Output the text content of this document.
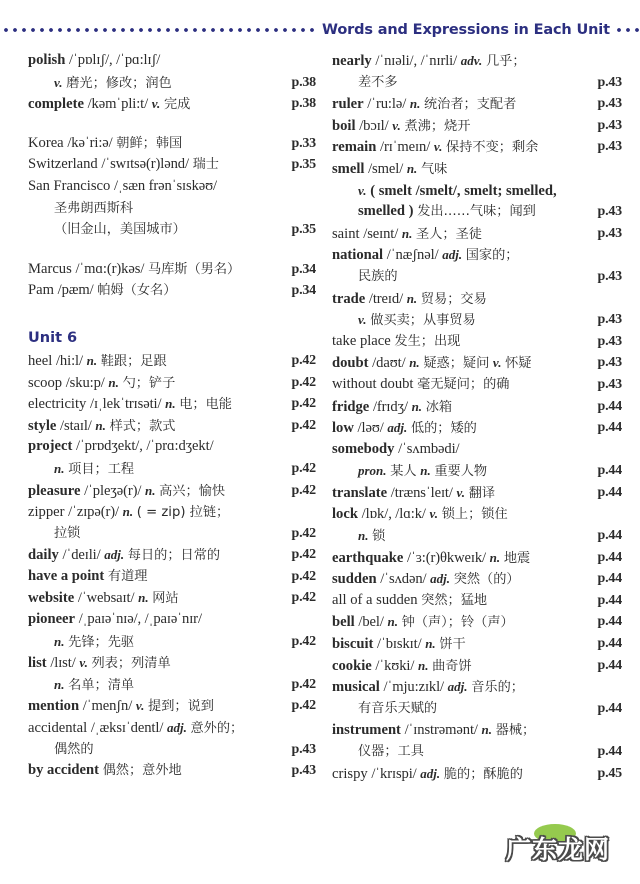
Words and Expressions in Each Unit
polish /ˈpɒlɪʃ/, /ˈpɑ:lɪʃ/
v. 磨光；修改；润色	p.38
complete /kəmˈpli:t/ v. 完成	p.38
Korea /kəˈri:ə/ 朝鲜；韩国	p.33
Switzerland /ˈswɪtsə(r)lənd/ 瑞士	p.35
San Francisco /ˌsæn frənˈsɪskəʊ/
圣弗朗西斯科
（旧金山，美国城市）	p.35
Marcus /ˈmɑ:(r)kəs/ 马库斯（男名）	p.34
Pam /pæm/ 帕姆（女名）	p.34
Unit 6
heel /hi:l/ n. 鞋跟；足跟	p.42
scoop /sku:p/ n. 勺；铲子	p.42
electricity /ɪˌlekˈtrɪsəti/ n. 电；电能	p.42
style /staɪl/ n. 样式；款式	p.42
project /ˈprɒdʒekt/, /ˈprɑ:dʒekt/
n. 项目；工程	p.42
pleasure /ˈpleʒə(r)/ n. 高兴；愉快	p.42
zipper /ˈzɪpə(r)/ n. ( = zip) 拉链；
拉锁	p.42
daily /ˈdeɪli/ adj. 每日的；日常的	p.42
have a point 有道理	p.42
website /ˈwebsaɪt/ n. 网站	p.42
pioneer /ˌpaɪəˈnɪə/, /ˌpaɪəˈnɪr/
n. 先锋；先驱	p.42
list /lɪst/ v. 列表；列清单
n. 名单；清单	p.42
mention /ˈmenʃn/ v. 提到；说到	p.42
accidental /ˌæksɪˈdentl/ adj. 意外的；
偶然的	p.43
by accident 偶然；意外地	p.43
nearly /ˈnɪəli/, /ˈnɪrli/ adv. 几乎；
差不多	p.43
ruler /ˈru:lə/ n. 统治者；支配者	p.43
boil /bɔɪl/ v. 煮沸；烧开	p.43
remain /rɪˈmeɪn/ v. 保持不变；剩余	p.43
smell /smel/ n. 气味
v. ( smelt /smelt/, smelt; smelled,
smelled ) 发出……气味；闻到	p.43
saint /seɪnt/ n. 圣人；圣徒	p.43
national /ˈnæʃnəl/ adj. 国家的；
民族的	p.43
trade /treɪd/ n. 贸易；交易
v. 做买卖；从事贸易	p.43
take place 发生；出现	p.43
doubt /daʊt/ n. 疑惑；疑问 v. 怀疑	p.43
without doubt 毫无疑问；的确	p.43
fridge /frɪdʒ/ n. 冰箱	p.44
low /ləʊ/ adj. 低的；矮的	p.44
somebody /ˈsʌmbədi/
pron. 某人 n. 重要人物	p.44
translate /trænsˈleɪt/ v. 翻译	p.44
lock /lɒk/, /lɑ:k/ v. 锁上；锁住
n. 锁	p.44
earthquake /ˈɜ:(r)θkweɪk/ n. 地震	p.44
sudden /ˈsʌdən/ adj. 突然（的）	p.44
all of a sudden 突然；猛地	p.44
bell /bel/ n. 钟（声）；铃（声）	p.44
biscuit /ˈbɪskɪt/ n. 饼干	p.44
cookie /ˈkʊki/ n. 曲奇饼	p.44
musical /ˈmju:zɪkl/ adj. 音乐的；
有音乐天赋的	p.44
instrument /ˈɪnstrəmənt/ n. 器械；
仪器；工具	p.44
crispy /ˈkrɪspi/ adj. 脆的；酥脆的	p.45
广东龙网
